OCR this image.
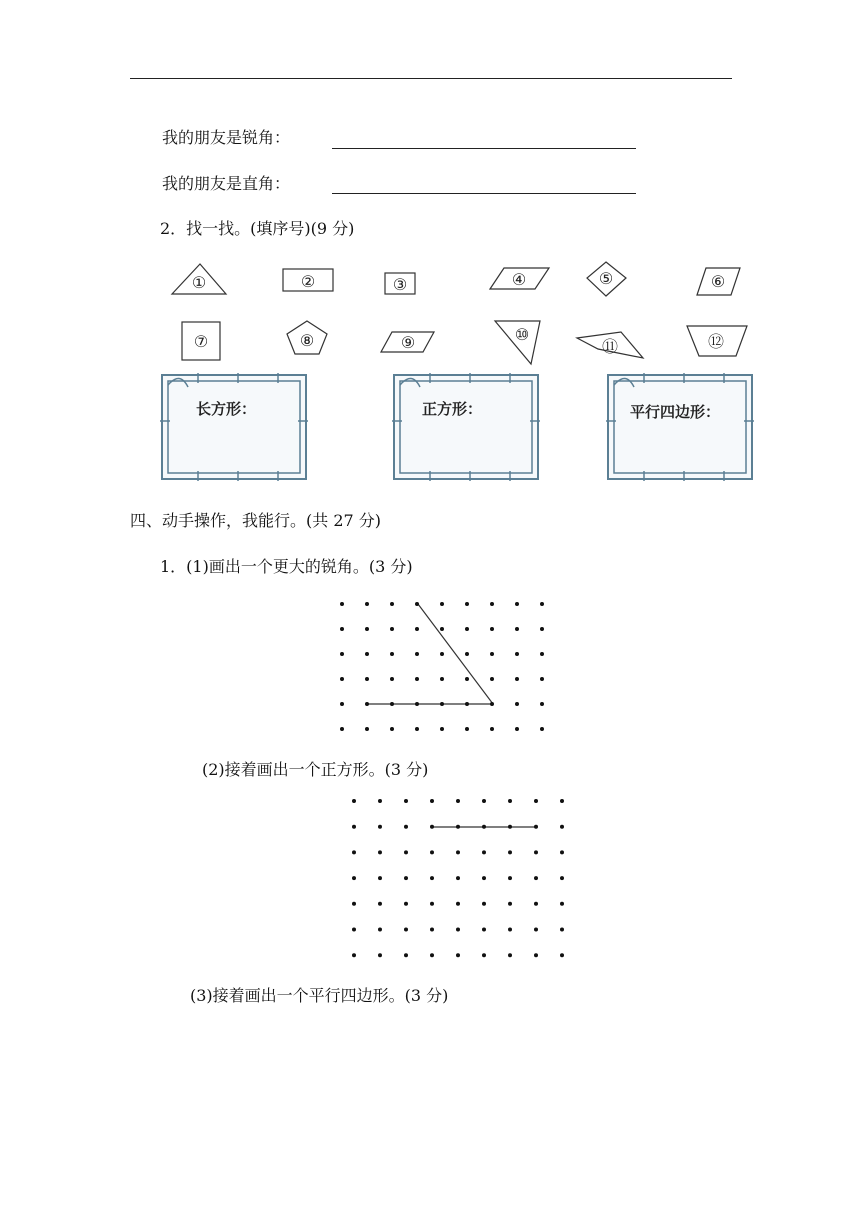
我的朋友是锐角：
我的朋友是直角：
2．找一找。(填序号)(9 分)
①	②	③	④	⑤	⑥
⑦	⑧	⑨	⑩
⑪	⑫
长方形：	正方形：	平行四边形：
四、动手操作，我能行。(共 27 分)
1．(1)画出一个更大的锐角。(3 分)
(2)接着画出一个正方形。(3 分)
(3)接着画出一个平行四边形。(3 分)
